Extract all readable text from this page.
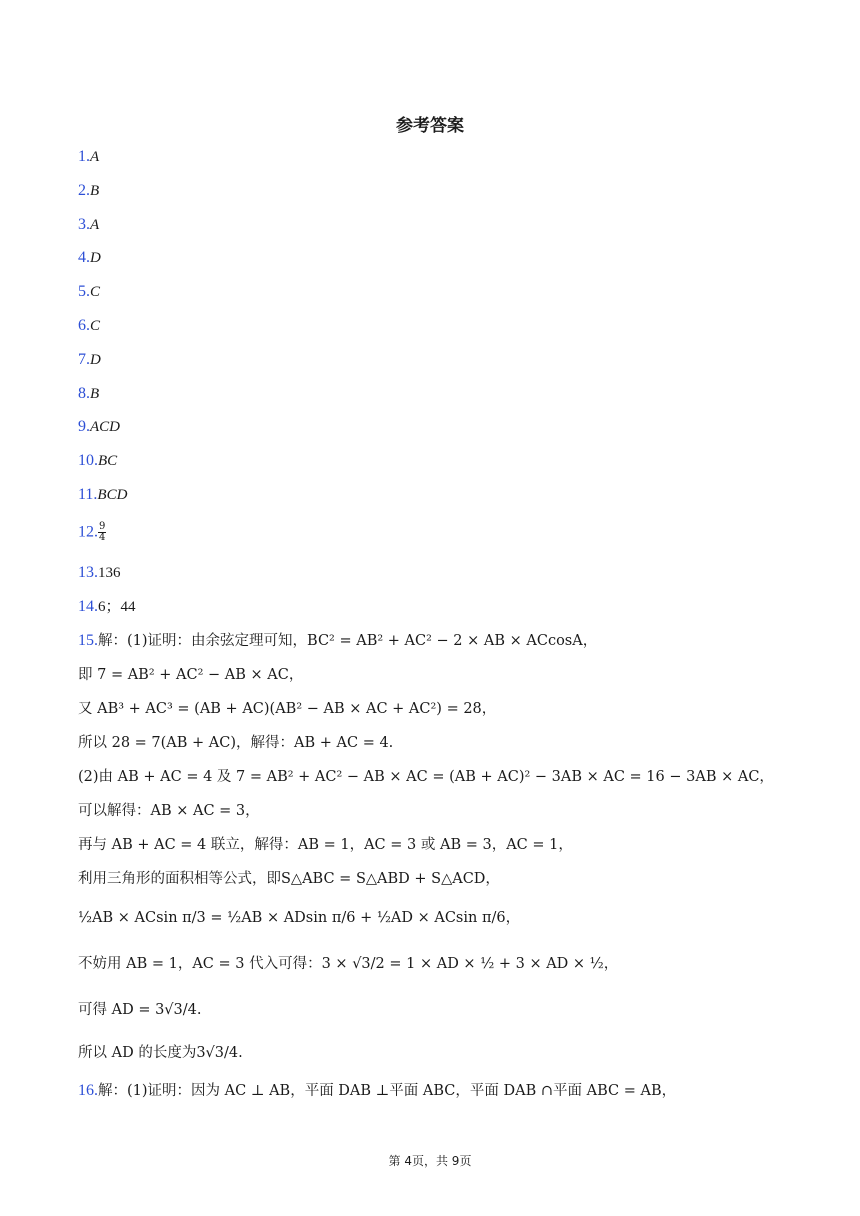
参考答案
1.A
2.B
3.A
4.D
5.C
6.C
7.D
8.B
9.ACD
10.BC
11.BCD
12. $\frac{9}{4}$
13.136
14.6；44
15.解：(1)证明：由余弦定理可知，BC² = AB² + AC² − 2 × AB × ACcosA，
即 7 = AB² + AC² − AB × AC，
又 AB³ + AC³ = (AB + AC)(AB² − AB × AC + AC²) = 28，
所以 28 = 7(AB + AC)，解得：AB + AC = 4.
(2)由 AB + AC = 4 及 7 = AB² + AC² − AB × AC = (AB + AC)² − 3AB × AC = 16 − 3AB × AC，
可以解得：AB × AC = 3，
再与 AB + AC = 4 联立，解得：AB = 1，AC = 3 或 AB = 3，AC = 1，
利用三角形的面积相等公式，即S△ABC = S△ABD + S△ACD，
½AB × ACsin π/3 = ½AB × ADsin π/6 + ½AD × ACsin π/6，
不妨用 AB = 1，AC = 3 代入可得：3 × √3/2 = 1 × AD × ½ + 3 × AD × ½，
可得 AD = 3√3/4.
所以 AD 的长度为3√3/4.
16.解：(1)证明：因为 AC ⊥ AB，平面 DAB ⊥平面 ABC，平面 DAB ∩平面 ABC = AB，
第 4页，共 9页
